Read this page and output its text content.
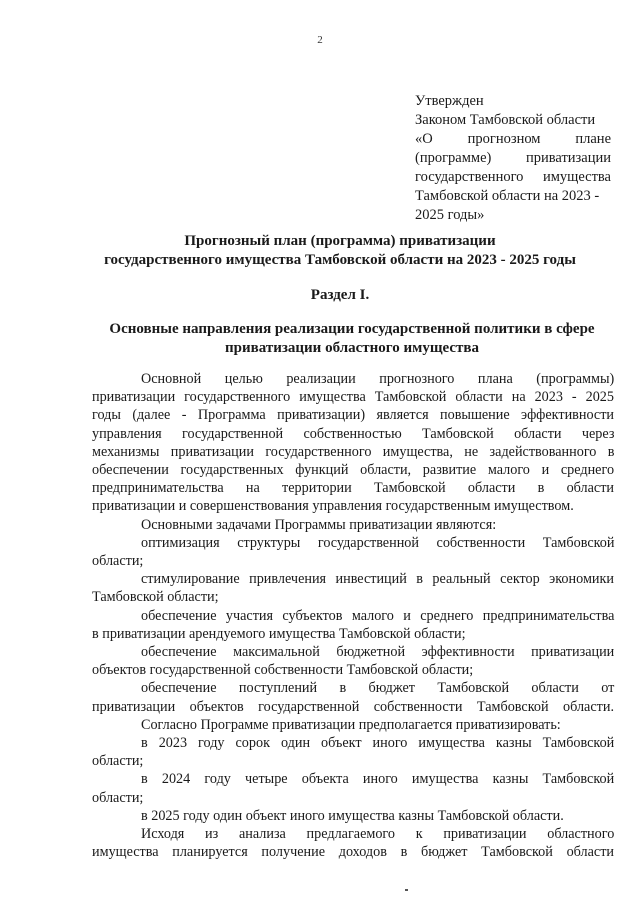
2
Утвержден
Законом Тамбовской области
«О прогнозном плане
(программе) приватизации
государственного имущества
Тамбовской области на 2023 -
2025 годы»
Прогнозный план (программа) приватизации
государственного имущества Тамбовской области на 2023 - 2025 годы
Раздел I.
Основные направления реализации государственной политики в сфере
приватизации областного имущества
Основной целью реализации прогнозного плана (программы)
приватизации государственного имущества Тамбовской области на 2023 - 2025
годы (далее - Программа приватизации) является повышение эффективности
управления государственной собственностью Тамбовской области через
механизмы приватизации государственного имущества, не задействованного в
обеспечении государственных функций области, развитие малого и среднего
предпринимательства на территории Тамбовской области в области
приватизации и совершенствования управления государственным имуществом.
Основными задачами Программы приватизации являются:
оптимизация структуры государственной собственности Тамбовской
области;
стимулирование привлечения инвестиций в реальный сектор экономики
Тамбовской области;
обеспечение участия субъектов малого и среднего предпринимательства
в приватизации арендуемого имущества Тамбовской области;
обеспечение максимальной бюджетной эффективности приватизации
объектов государственной собственности Тамбовской области;
обеспечение поступлений в бюджет Тамбовской области от
приватизации объектов государственной собственности Тамбовской области.
Согласно Программе приватизации предполагается приватизировать:
в 2023 году сорок один объект иного имущества казны Тамбовской
области;
в 2024 году четыре объекта иного имущества казны Тамбовской
области;
в 2025 году один объект иного имущества казны Тамбовской области.
Исходя из анализа предлагаемого к приватизации областного
имущества планируется получение доходов в бюджет Тамбовской области
